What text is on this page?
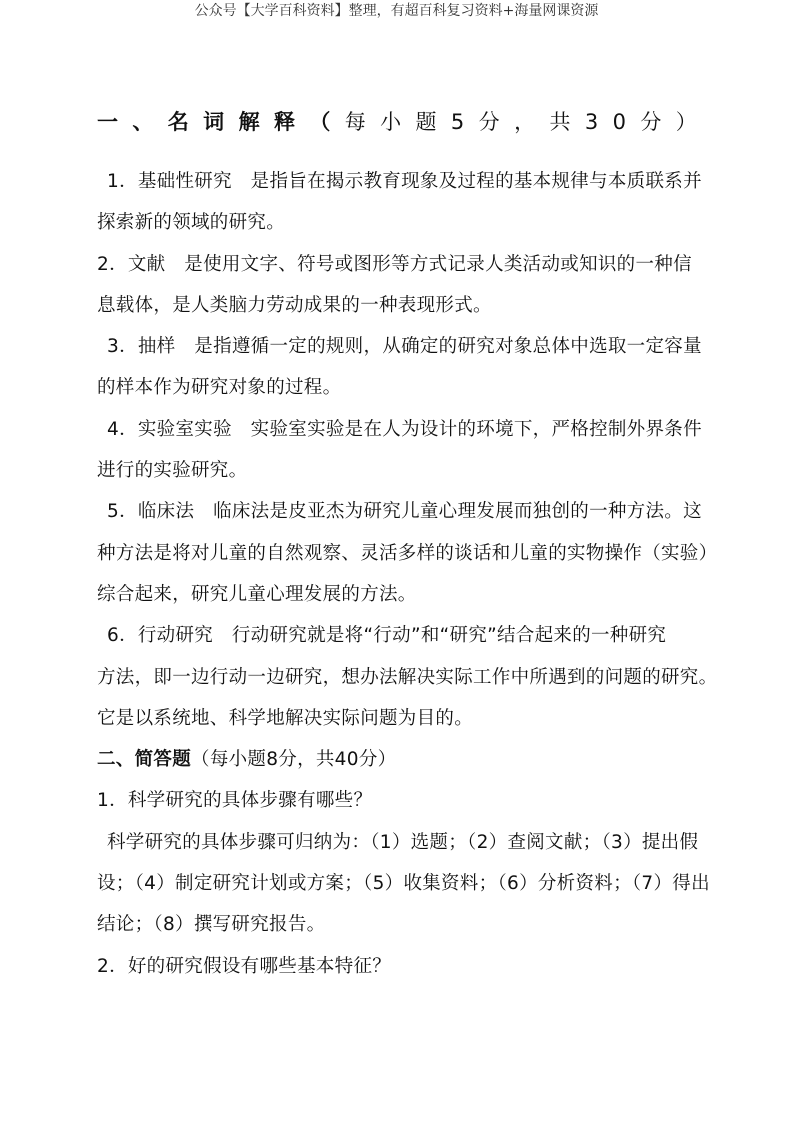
公众号【大学百科资料】整理，有超百科复习资料+海量网课资源
一 、 名 词 解 释 （ 每 小 题 5 分 ， 共 3 0 分 ）
1．基础性研究　是指旨在揭示教育现象及过程的基本规律与本质联系并
探索新的领域的研究。
2．文献　是使用文字、符号或图形等方式记录人类活动或知识的一种信
息载体，是人类脑力劳动成果的一种表现形式。
3．抽样　是指遵循一定的规则，从确定的研究对象总体中选取一定容量
的样本作为研究对象的过程。
4．实验室实验　实验室实验是在人为设计的环境下，严格控制外界条件
进行的实验研究。
5．临床法　临床法是皮亚杰为研究儿童心理发展而独创的一种方法。这
种方法是将对儿童的自然观察、灵活多样的谈话和儿童的实物操作（实验）
综合起来，研究儿童心理发展的方法。
6．行动研究　行动研究就是将“行动”和“研究”结合起来的一种研究
方法，即一边行动一边研究，想办法解决实际工作中所遇到的问题的研究。
它是以系统地、科学地解决实际问题为目的。
二、简答题（每小题8分，共40分）
1．科学研究的具体步骤有哪些？
科学研究的具体步骤可归纳为：（1）选题；（2）查阅文献；（3）提出假
设；（4）制定研究计划或方案；（5）收集资料；（6）分析资料；（7）得出
结论；（8）撰写研究报告。
2．好的研究假设有哪些基本特征？
